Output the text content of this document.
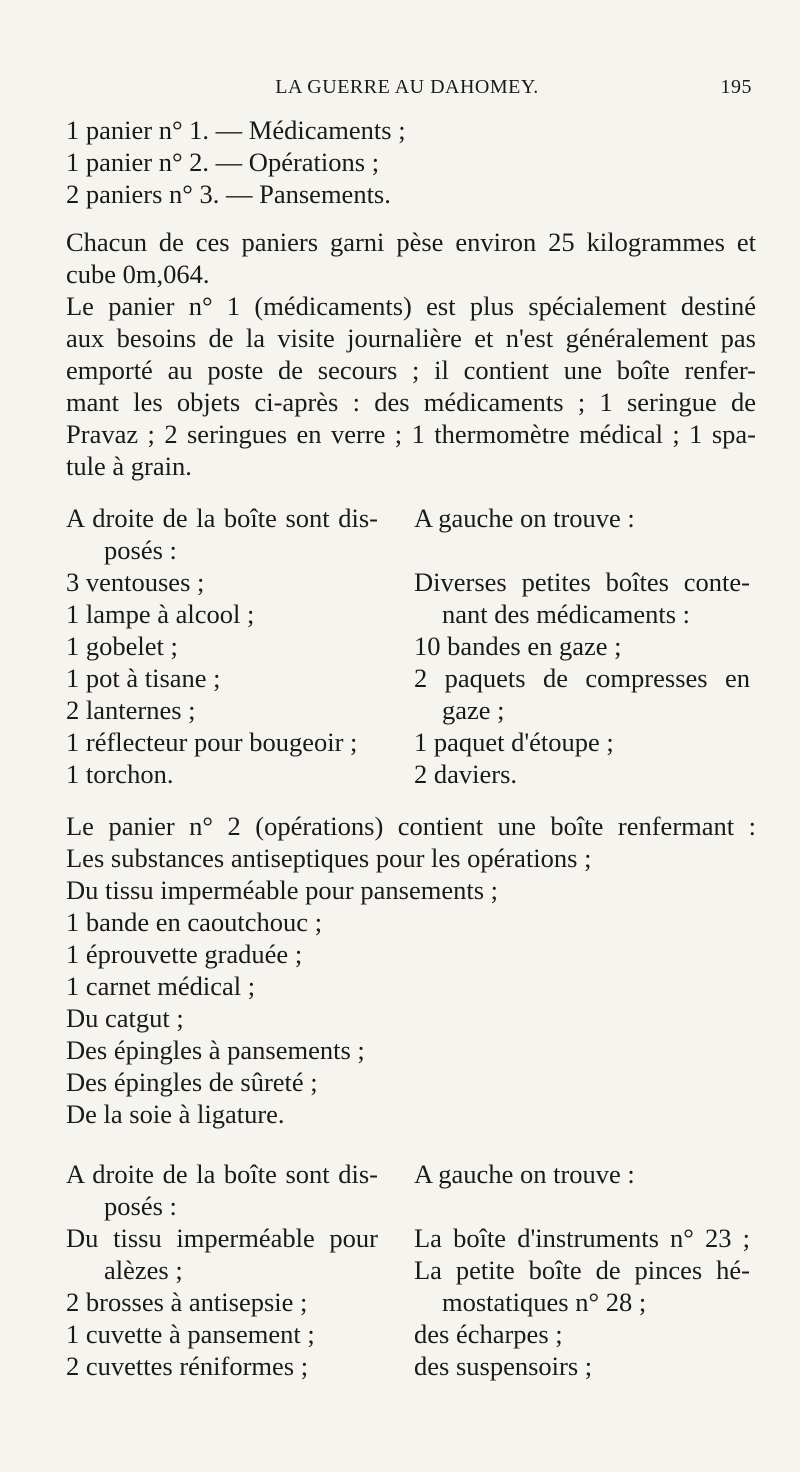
LA GUERRE AU DAHOMEY.	195
1 panier n° 1. — Médicaments ;
1 panier n° 2. — Opérations ;
2 paniers n° 3. — Pansements.
Chacun de ces paniers garni pèse environ 25 kilogrammes et
cube 0m,064.
Le panier n° 1 (médicaments) est plus spécialement destiné
aux besoins de la visite journalière et n'est généralement pas
emporté au poste de secours ; il contient une boîte renfer-
mant les objets ci-après : des médicaments ; 1 seringue de
Pravaz ; 2 seringues en verre ; 1 thermomètre médical ; 1 spa-
tule à grain.
A droite de la boîte sont dis-
posés :
3 ventouses ;
1 lampe à alcool ;
1 gobelet ;
1 pot à tisane ;
2 lanternes ;
1 réflecteur pour bougeoir ;
1 torchon.
A gauche on trouve :
Diverses petites boîtes conte-
nant des médicaments :
10 bandes en gaze ;
2 paquets de compresses en
gaze ;
1 paquet d'étoupe ;
2 daviers.
Le panier n° 2 (opérations) contient une boîte renfermant :
Les substances antiseptiques pour les opérations ;
Du tissu imperméable pour pansements ;
1 bande en caoutchouc ;
1 éprouvette graduée ;
1 carnet médical ;
Du catgut ;
Des épingles à pansements ;
Des épingles de sûreté ;
De la soie à ligature.
A droite de la boîte sont dis-
posés :
Du tissu imperméable pour
alèzes ;
2 brosses à antisepsie ;
1 cuvette à pansement ;
2 cuvettes réniformes ;
A gauche on trouve :
La boîte d'instruments n° 23 ;
La petite boîte de pinces hé-
mostatiques n° 28 ;
des écharpes ;
des suspensoirs ;
